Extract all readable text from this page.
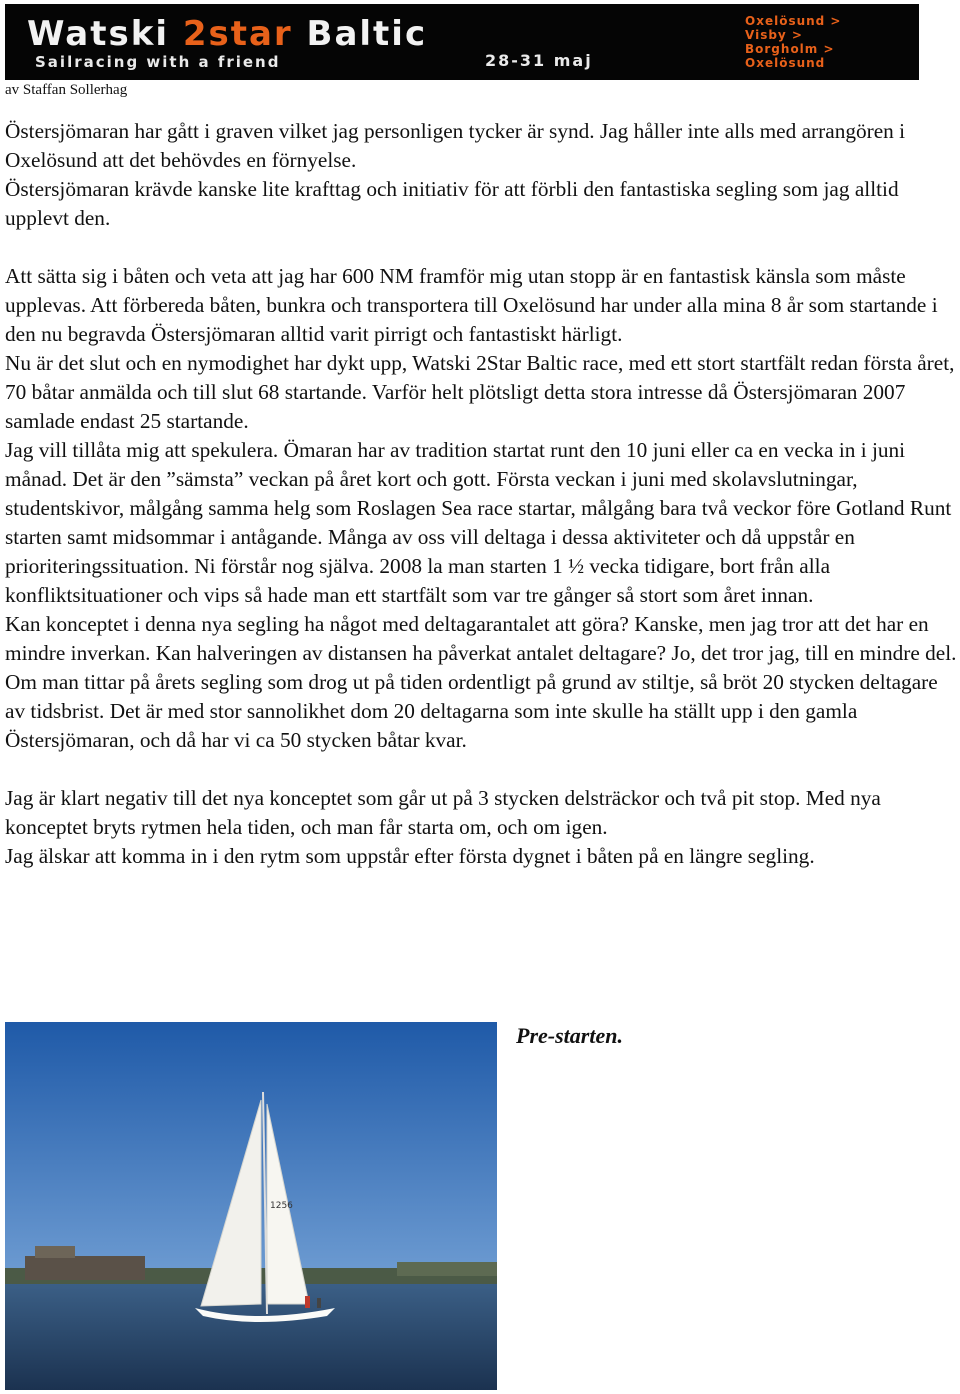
Watski 2star Baltic
Sailracing with a friend	28-31 maj
Oxelösund >
Visby >
Borgholm >
Oxelösund
av Staffan Sollerhag

Östersjömaran har gått i graven vilket jag personligen tycker är synd. Jag håller inte alls med arrangören i Oxelösund att det behövdes en förnyelse.

Östersjömaran krävde kanske lite krafttag och initiativ för att förbli den fantastiska segling som jag alltid upplevt den.

Att sätta sig i båten och veta att jag har 600 NM framför mig utan stopp är en fantastisk känsla som måste upplevas. Att förbereda båten, bunkra och transportera till Oxelösund har under alla mina 8 år som startande i den nu begravda Östersjömaran alltid varit pirrigt och fantastiskt härligt.

Nu är det slut och en nymodighet har dykt upp, Watski 2Star Baltic race, med ett stort startfält redan första året, 70 båtar anmälda och till slut 68 startande. Varför helt plötsligt detta stora intresse då Östersjömaran 2007 samlade endast 25 startande.

Jag vill tillåta mig att spekulera. Ömaran har av tradition startat runt den 10 juni eller ca en vecka in i juni månad. Det är den ”sämsta” veckan på året kort och gott. Första veckan i juni med skolavslutningar, studentskivor, målgång samma helg som Roslagen Sea race startar, målgång bara två veckor före Gotland Runt starten samt midsommar i antågande. Många av oss vill deltaga i dessa aktiviteter och då uppstår en prioriteringssituation. Ni förstår nog själva. 2008 la man starten 1 ½ vecka tidigare, bort från alla konfliktsituationer och vips så hade man ett startfält som var tre gånger så stort som året innan.

Kan konceptet i denna nya segling ha något med deltagarantalet att göra? Kanske, men jag tror att det har en mindre inverkan. Kan halveringen av distansen ha påverkat antalet deltagare? Jo, det tror jag, till en mindre del. Om man tittar på årets segling som drog ut på tiden ordentligt på grund av stiltje, så bröt 20 stycken deltagare av tidsbrist. Det är med stor sannolikhet dom 20 deltagarna som inte skulle ha ställt upp i den gamla Östersjömaran, och då har vi ca 50 stycken båtar kvar.

Jag är klart negativ till det nya konceptet som går ut på 3 stycken delsträckor och två pit stop. Med nya konceptet bryts rytmen hela tiden, och man får starta om, och om igen.

Jag älskar att komma in i den rytm som uppstår efter första dygnet i båten på en längre segling.

1256
Pre-starten.
